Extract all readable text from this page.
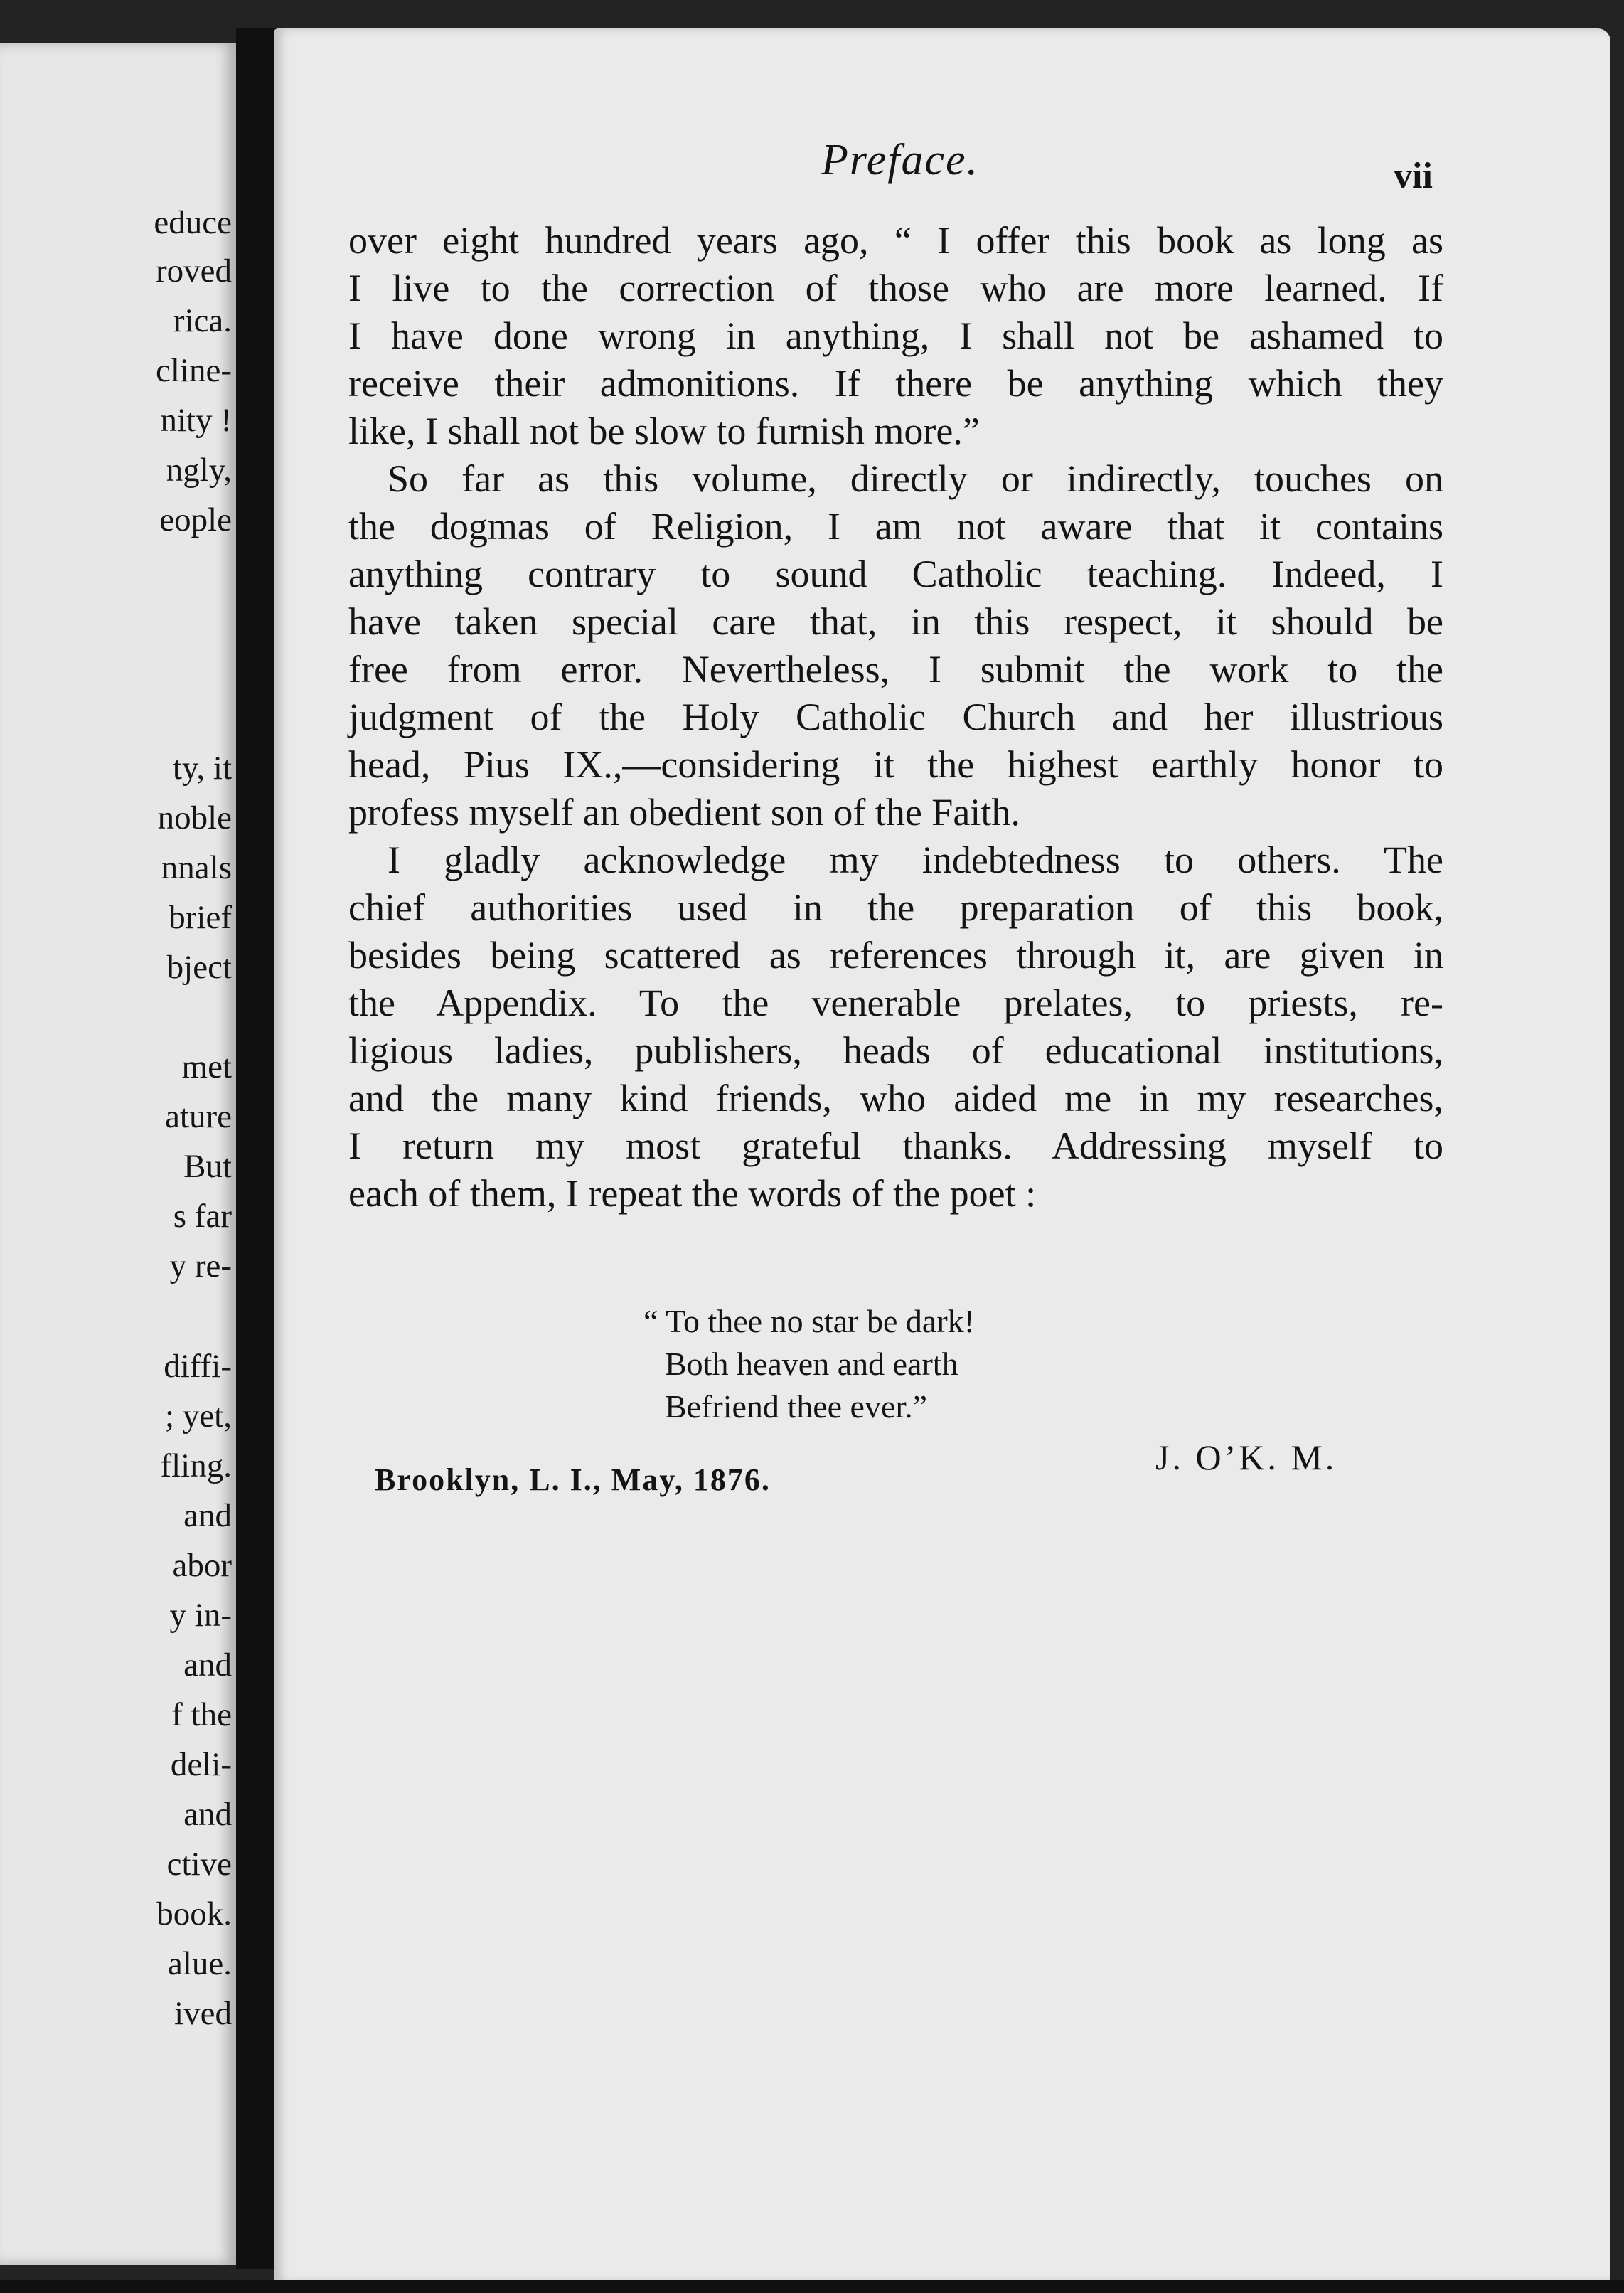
educe

roved

rica.

cline-

nity !

ngly,

eople

ty, it

noble

nnals

brief

bject

met

ature

But

s far

y re-

diffi-

; yet,

fling.

and

abor

y in-

and

f the

deli-

and

ctive

book.

alue.

ived

Preface.	vii

over eight hundred years ago, “ I offer this book as long as
I live to the correction of those who are more learned. If
I have done wrong in anything, I shall not be ashamed to
receive their admonitions. If there be anything which they
like, I shall not be slow to furnish more.”
So far as this volume, directly or indirectly, touches on
the dogmas of Religion, I am not aware that it contains
anything contrary to sound Catholic teaching. Indeed, I
have taken special care that, in this respect, it should be
free from error. Nevertheless, I submit the work to the
judgment of the Holy Catholic Church and her illustrious
head, Pius IX.,—considering it the highest earthly honor to
profess myself an obedient son of the Faith.
I gladly acknowledge my indebtedness to others. The
chief authorities used in the preparation of this book,
besides being scattered as references through it, are given in
the Appendix. To the venerable prelates, to priests, re-
ligious ladies, publishers, heads of educational institutions,
and the many kind friends, who aided me in my researches,
I return my most grateful thanks. Addressing myself to
each of them, I repeat the words of the poet :
“ To thee no star be dark!
Both heaven and earth
Befriend thee ever.”

J. O’K. M.

Brooklyn, L. I., May, 1876.
